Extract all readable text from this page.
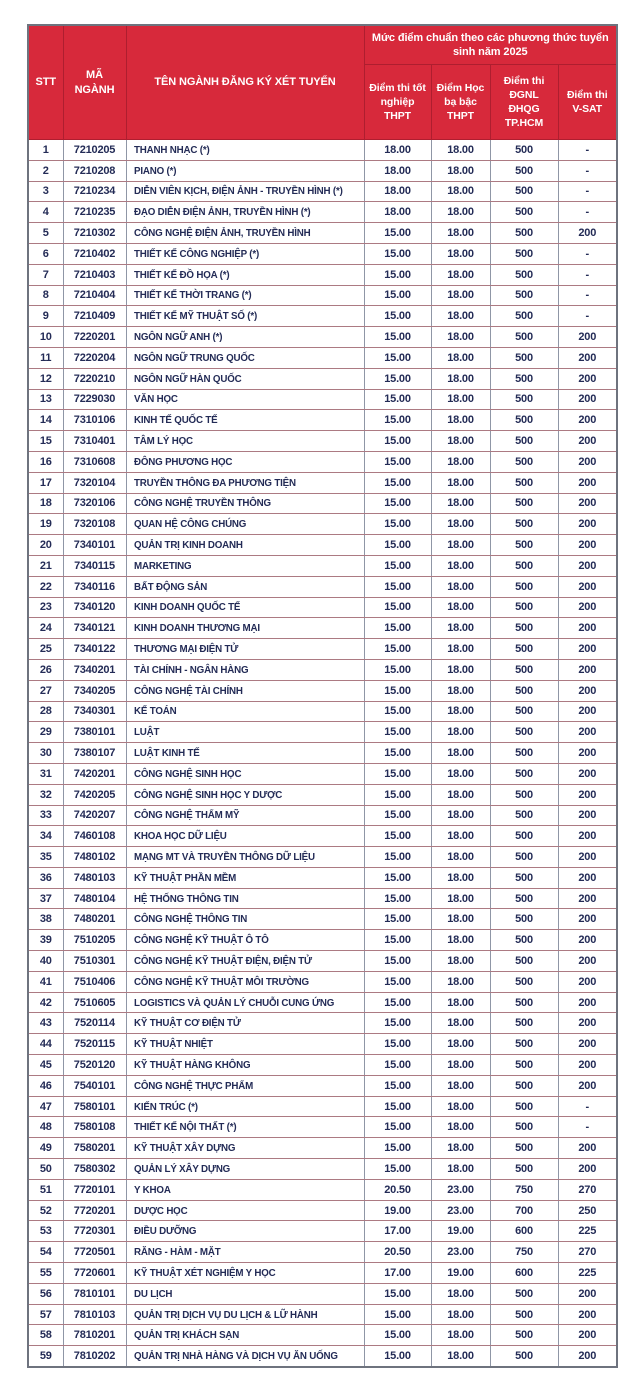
STT	MÃ NGÀNH	TÊN NGÀNH ĐĂNG KÝ XÉT TUYỂN	Mức điểm chuẩn theo các phương thức tuyển sinh năm 2025			
			Điểm thi tốt nghiệp THPT	Điểm Học bạ bậc THPT	Điểm thi ĐGNL ĐHQG TP.HCM	Điểm thi V-SAT
1	7210205	THANH NHẠC (*)	18.00	18.00	500	-
2	7210208	PIANO (*)	18.00	18.00	500	-
3	7210234	DIỄN VIÊN KỊCH, ĐIỆN ẢNH - TRUYỀN HÌNH (*)	18.00	18.00	500	-
4	7210235	ĐẠO DIỄN ĐIỆN ẢNH, TRUYỀN HÌNH (*)	18.00	18.00	500	-
5	7210302	CÔNG NGHỆ ĐIỆN ẢNH, TRUYỀN HÌNH	15.00	18.00	500	200
6	7210402	THIẾT KẾ CÔNG NGHIỆP (*)	15.00	18.00	500	-
7	7210403	THIẾT KẾ ĐỒ HỌA (*)	15.00	18.00	500	-
8	7210404	THIẾT KẾ THỜI TRANG (*)	15.00	18.00	500	-
9	7210409	THIẾT KẾ MỸ THUẬT SỐ (*)	15.00	18.00	500	-
10	7220201	NGÔN NGỮ ANH (*)	15.00	18.00	500	200
11	7220204	NGÔN NGỮ TRUNG QUỐC	15.00	18.00	500	200
12	7220210	NGÔN NGỮ HÀN QUỐC	15.00	18.00	500	200
13	7229030	VĂN HỌC	15.00	18.00	500	200
14	7310106	KINH TẾ QUỐC TẾ	15.00	18.00	500	200
15	7310401	TÂM LÝ HỌC	15.00	18.00	500	200
16	7310608	ĐÔNG PHƯƠNG HỌC	15.00	18.00	500	200
17	7320104	TRUYỀN THÔNG ĐA PHƯƠNG TIỆN	15.00	18.00	500	200
18	7320106	CÔNG NGHỆ TRUYỀN THÔNG	15.00	18.00	500	200
19	7320108	QUAN HỆ CÔNG CHÚNG	15.00	18.00	500	200
20	7340101	QUẢN TRỊ KINH DOANH	15.00	18.00	500	200
21	7340115	MARKETING	15.00	18.00	500	200
22	7340116	BẤT ĐỘNG SẢN	15.00	18.00	500	200
23	7340120	KINH DOANH QUỐC TẾ	15.00	18.00	500	200
24	7340121	KINH DOANH THƯƠNG MẠI	15.00	18.00	500	200
25	7340122	THƯƠNG MẠI ĐIỆN TỬ	15.00	18.00	500	200
26	7340201	TÀI CHÍNH - NGÂN HÀNG	15.00	18.00	500	200
27	7340205	CÔNG NGHỆ TÀI CHÍNH	15.00	18.00	500	200
28	7340301	KẾ TOÁN	15.00	18.00	500	200
29	7380101	LUẬT	15.00	18.00	500	200
30	7380107	LUẬT KINH TẾ	15.00	18.00	500	200
31	7420201	CÔNG NGHỆ SINH HỌC	15.00	18.00	500	200
32	7420205	CÔNG NGHỆ SINH HỌC Y DƯỢC	15.00	18.00	500	200
33	7420207	CÔNG NGHỆ THẨM MỸ	15.00	18.00	500	200
34	7460108	KHOA HỌC DỮ LIỆU	15.00	18.00	500	200
35	7480102	MẠNG MT VÀ TRUYỀN THÔNG DỮ LIỆU	15.00	18.00	500	200
36	7480103	KỸ THUẬT PHẦN MỀM	15.00	18.00	500	200
37	7480104	HỆ THỐNG THÔNG TIN	15.00	18.00	500	200
38	7480201	CÔNG NGHỆ THÔNG TIN	15.00	18.00	500	200
39	7510205	CÔNG NGHỆ KỸ THUẬT Ô TÔ	15.00	18.00	500	200
40	7510301	CÔNG NGHỆ KỸ THUẬT ĐIỆN, ĐIỆN TỬ	15.00	18.00	500	200
41	7510406	CÔNG NGHỆ KỸ THUẬT MÔI TRƯỜNG	15.00	18.00	500	200
42	7510605	LOGISTICS VÀ QUẢN LÝ CHUỖI CUNG ỨNG	15.00	18.00	500	200
43	7520114	KỸ THUẬT CƠ ĐIỆN TỬ	15.00	18.00	500	200
44	7520115	KỸ THUẬT NHIỆT	15.00	18.00	500	200
45	7520120	KỸ THUẬT HÀNG KHÔNG	15.00	18.00	500	200
46	7540101	CÔNG NGHỆ THỰC PHẨM	15.00	18.00	500	200
47	7580101	KIẾN TRÚC (*)	15.00	18.00	500	-
48	7580108	THIẾT KẾ NỘI THẤT (*)	15.00	18.00	500	-
49	7580201	KỸ THUẬT XÂY DỰNG	15.00	18.00	500	200
50	7580302	QUẢN LÝ XÂY DỰNG	15.00	18.00	500	200
51	7720101	Y KHOA	20.50	23.00	750	270
52	7720201	DƯỢC HỌC	19.00	23.00	700	250
53	7720301	ĐIỀU DƯỠNG	17.00	19.00	600	225
54	7720501	RĂNG - HÀM - MẶT	20.50	23.00	750	270
55	7720601	KỸ THUẬT XÉT NGHIỆM Y HỌC	17.00	19.00	600	225
56	7810101	DU LỊCH	15.00	18.00	500	200
57	7810103	QUẢN TRỊ DỊCH VỤ DU LỊCH & LỮ HÀNH	15.00	18.00	500	200
58	7810201	QUẢN TRỊ KHÁCH SẠN	15.00	18.00	500	200
59	7810202	QUẢN TRỊ NHÀ HÀNG VÀ DỊCH VỤ ĂN UỐNG	15.00	18.00	500	200
